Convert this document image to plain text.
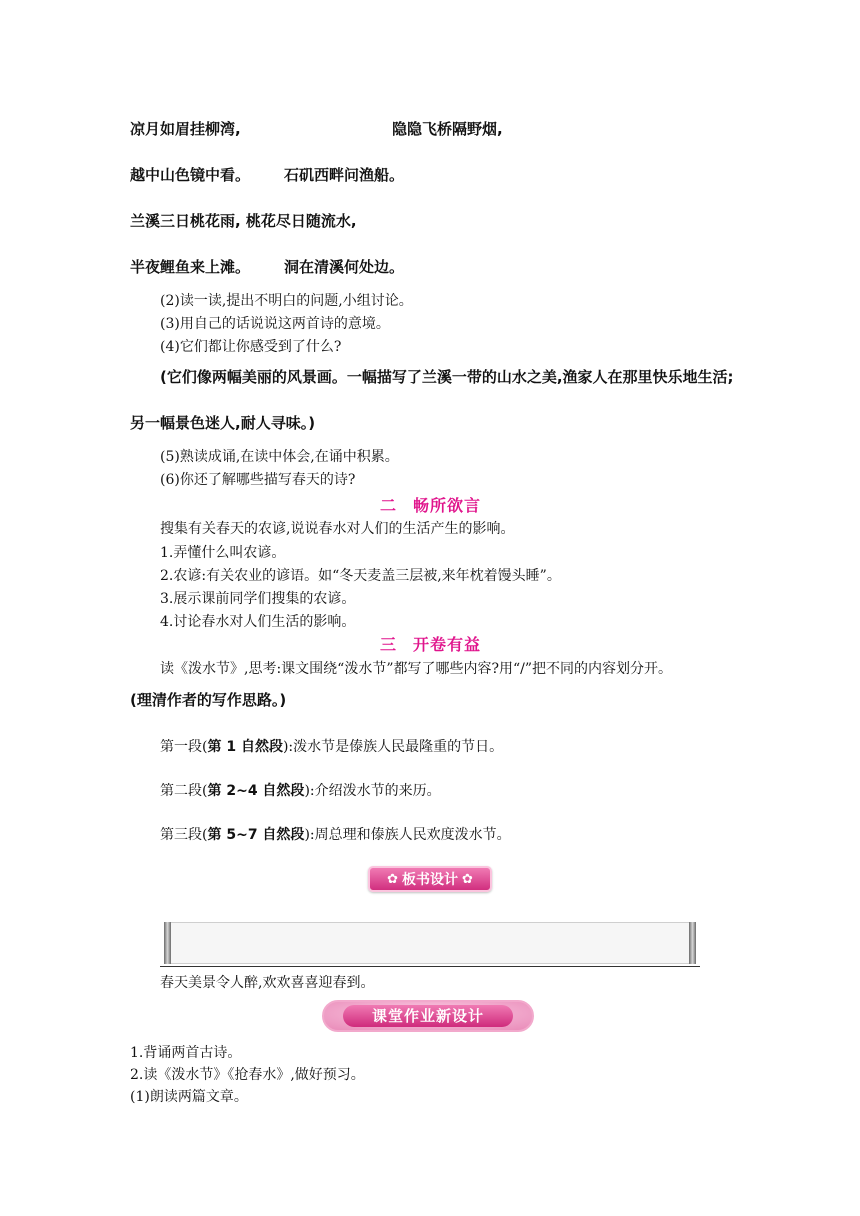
凉月如眉挂柳湾,	隐隐飞桥隔野烟,
越中山色镜中看。 石矶西畔问渔船。
兰溪三日桃花雨, 桃花尽日随流水,
半夜鲤鱼来上滩。 洞在清溪何处边。
(2)读一读,提出不明白的问题,小组讨论。
(3)用自己的话说说这两首诗的意境。
(4)它们都让你感受到了什么?
(它们像两幅美丽的风景画。一幅描写了兰溪一带的山水之美,渔家人在那里快乐地生活;
另一幅景色迷人,耐人寻味。)
(5)熟读成诵,在读中体会,在诵中积累。
(6)你还了解哪些描写春天的诗?
二 畅所欲言
搜集有关春天的农谚,说说春水对人们的生活产生的影响。
1.弄懂什么叫农谚。
2.农谚:有关农业的谚语。如“冬天麦盖三层被,来年枕着馒头睡”。
3.展示课前同学们搜集的农谚。
4.讨论春水对人们生活的影响。
三 开卷有益
读《泼水节》,思考:课文围绕“泼水节”都写了哪些内容?用“/”把不同的内容划分开。
(理清作者的写作思路。)
第一段(第 1 自然段):泼水节是傣族人民最隆重的节日。
第二段(第 2~4 自然段):介绍泼水节的来历。
第三段(第 5~7 自然段):周总理和傣族人民欢度泼水节。
✿ 板书设计 ✿
春天美景令人醉,欢欢喜喜迎春到。
课堂作业新设计
1.背诵两首古诗。
2.读《泼水节》《抢春水》,做好预习。
(1)朗读两篇文章。
